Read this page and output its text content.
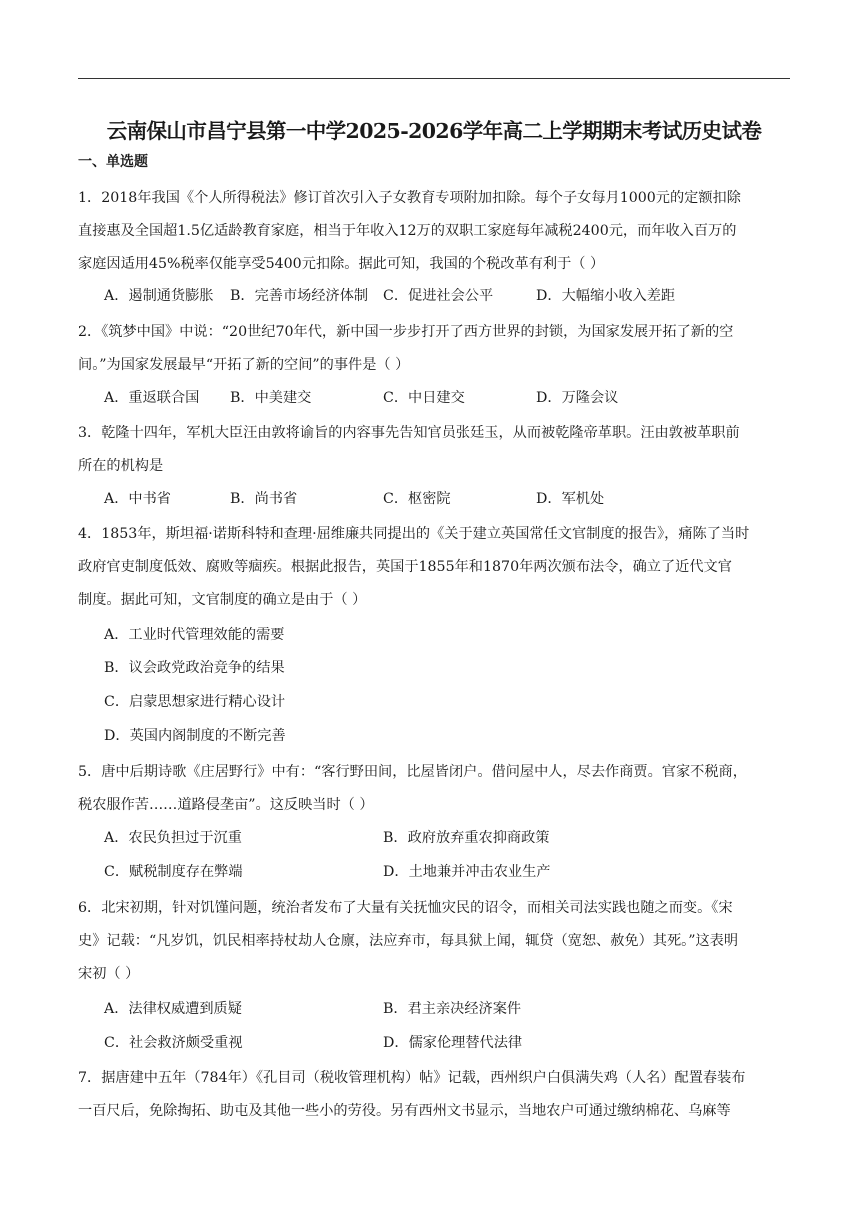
云南保山市昌宁县第一中学2025-2026学年高二上学期期末考试历史试卷
一、单选题
1．2018年我国《个人所得税法》修订首次引入子女教育专项附加扣除。每个子女每月1000元的定额扣除
直接惠及全国超1.5亿适龄教育家庭，相当于年收入12万的双职工家庭每年减税2400元，而年收入百万的
家庭因适用45%税率仅能享受5400元扣除。据此可知，我国的个税改革有利于（ ）
A．遏制通货膨胀 B．完善市场经济体制 C．促进社会公平	D．大幅缩小收入差距
2．《筑梦中国》中说：“20世纪70年代，新中国一步步打开了西方世界的封锁，为国家发展开拓了新的空
间。”为国家发展最早“开拓了新的空间”的事件是（ ）
A．重返联合国 B．中美建交	C．中日建交	D．万隆会议
3．乾隆十四年，军机大臣汪由敦将谕旨的内容事先告知官员张廷玉，从而被乾隆帝革职。汪由敦被革职前
所在的机构是
A．中书省	B．尚书省	C．枢密院	D．军机处
4．1853年，斯坦福·诺斯科特和查理·屈维廉共同提出的《关于建立英国常任文官制度的报告》，痛陈了当时
政府官吏制度低效、腐败等痼疾。根据此报告，英国于1855年和1870年两次颁布法令，确立了近代文官
制度。据此可知，文官制度的确立是由于（ ）
A．工业时代管理效能的需要
B．议会政党政治竞争的结果
C．启蒙思想家进行精心设计
D．英国内阁制度的不断完善
5．唐中后期诗歌《庄居野行》中有：“客行野田间，比屋皆闭户。借问屋中人，尽去作商贾。官家不税商，
税农服作苦……道路侵垄亩”。这反映当时（ ）
A．农民负担过于沉重	B．政府放弃重农抑商政策
C．赋税制度存在弊端	D．土地兼并冲击农业生产
6．北宋初期，针对饥馑问题，统治者发布了大量有关抚恤灾民的诏令，而相关司法实践也随之而变。《宋
史》记载：“凡岁饥，饥民相率持杖劫人仓廪，法应弃市，每具狱上闻，辄贷（宽恕、赦免）其死。”这表明
宋初（ ）
A．法律权威遭到质疑	B．君主亲决经济案件
C．社会救济颇受重视	D．儒家伦理替代法律
7．据唐建中五年（784年）《孔目司（税收管理机构）帖》记载，西州织户白俱满失鸡（人名）配置春装布
一百尺后，免除掏拓、助屯及其他一些小的劳役。另有西州文书显示，当地农户可通过缴纳棉花、乌麻等
